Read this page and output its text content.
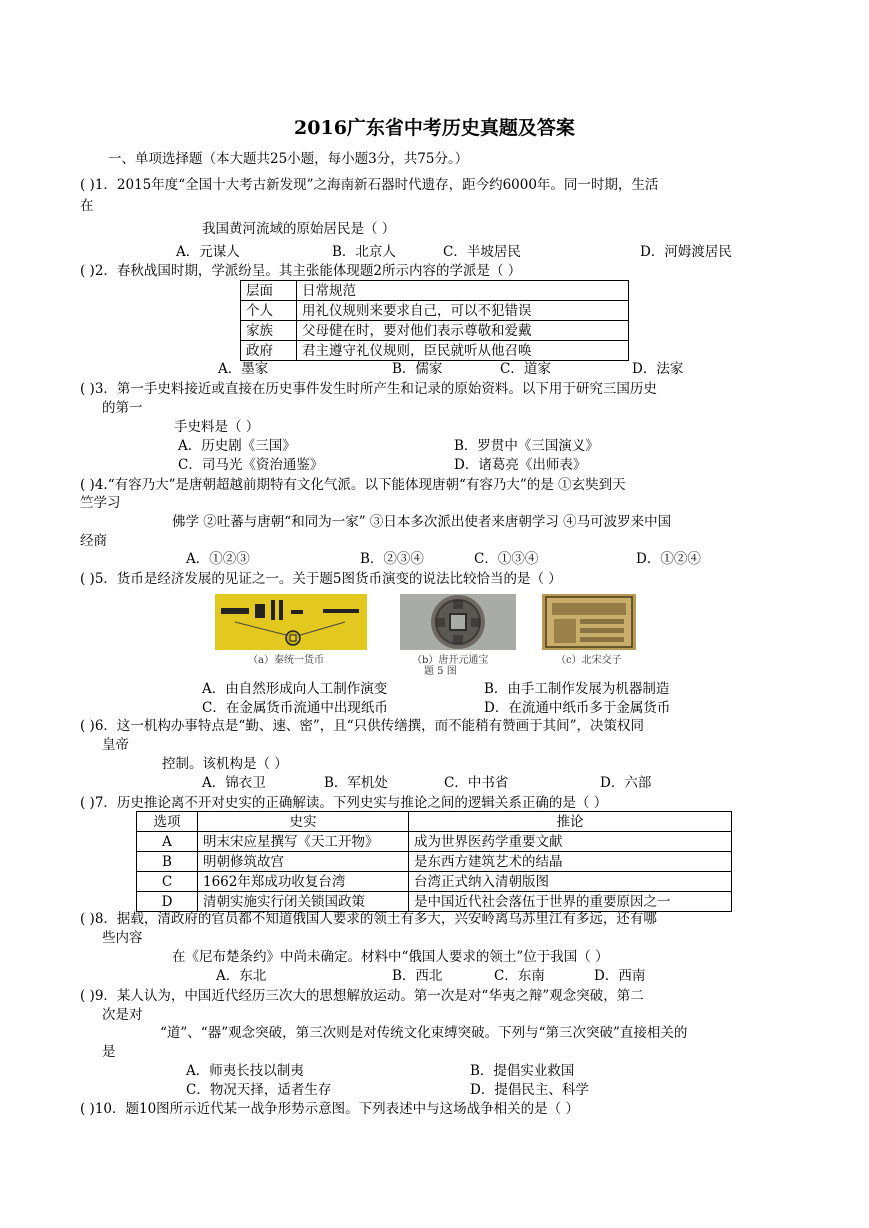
2016广东省中考历史真题及答案
一、单项选择题（本大题共25小题，每小题3分，共75分。）
( )1．2015年度“全国十大考古新发现”之海南新石器时代遗存，距今约6000年。同一时期，生活
在
我国黄河流域的原始居民是（ ）
A．元谋人	B．北京人	C．半坡居民	D．河姆渡居民
( )2．春秋战国时期，学派纷呈。其主张能体现题2所示内容的学派是（ ）
层面	日常规范
个人	用礼仪规则来要求自己，可以不犯错误
家族	父母健在时，要对他们表示尊敬和爱戴
政府	君主遵守礼仪规则，臣民就听从他召唤
A．墨家	B．儒家	C．道家	D．法家
( )3．第一手史料接近或直接在历史事件发生时所产生和记录的原始资料。以下用于研究三国历史
的第一
手史料是（ ）
A．历史剧《三国》	B．罗贯中《三国演义》
C．司马光《资治通鉴》	D．诸葛亮《出师表》
( )4.“有容乃大”是唐朝超越前期特有文化气派。以下能体现唐朝“有容乃大”的是 ①玄奘到天
竺学习
佛学 ②吐蕃与唐朝“和同为一家” ③日本多次派出使者来唐朝学习 ④马可波罗来中国
经商
A．①②③	B．②③④	C．①③④	D．①②④
( )5．货币是经济发展的见证之一。关于题5图货币演变的说法比较恰当的是（ ）
（a）秦统一货币	（b）唐开元通宝	（c）北宋交子
题 5 图
A．由自然形成向人工制作演变	B．由手工制作发展为机器制造
C．在金属货币流通中出现纸币	D．在流通中纸币多于金属货币
( )6．这一机构办事特点是“勤、速、密”，且“只供传缮撰，而不能稍有赞画于其间”，决策权同
皇帝
控制。该机构是（ ）
A．锦衣卫	B．军机处	C．中书省	D．六部
( )7．历史推论离不开对史实的正确解读。下列史实与推论之间的逻辑关系正确的是（ ）
选项	史实	推论
A	明末宋应星撰写《天工开物》	成为世界医药学重要文献
B	明朝修筑故宫	是东西方建筑艺术的结晶
C	1662年郑成功收复台湾	台湾正式纳入清朝版图
D	清朝实施实行闭关锁国政策	是中国近代社会落伍于世界的重要原因之一
( )8．据载，清政府的官员都不知道俄国人要求的领土有多大，兴安岭离乌苏里江有多远，还有哪
些内容
在《尼布楚条约》中尚未确定。材料中“俄国人要求的领土”位于我国（ ）
A．东北	B．西北	C．东南	D．西南
( )9．某人认为，中国近代经历三次大的思想解放运动。第一次是对“华夷之辩”观念突破，第二
次是对
“道”、“器”观念突破，第三次则是对传统文化束缚突破。下列与“第三次突破”直接相关的
是
A．师夷长技以制夷	B．提倡实业救国
C．物况天择，适者生存	D．提倡民主、科学
( )10．题10图所示近代某一战争形势示意图。下列表述中与这场战争相关的是（ ）
